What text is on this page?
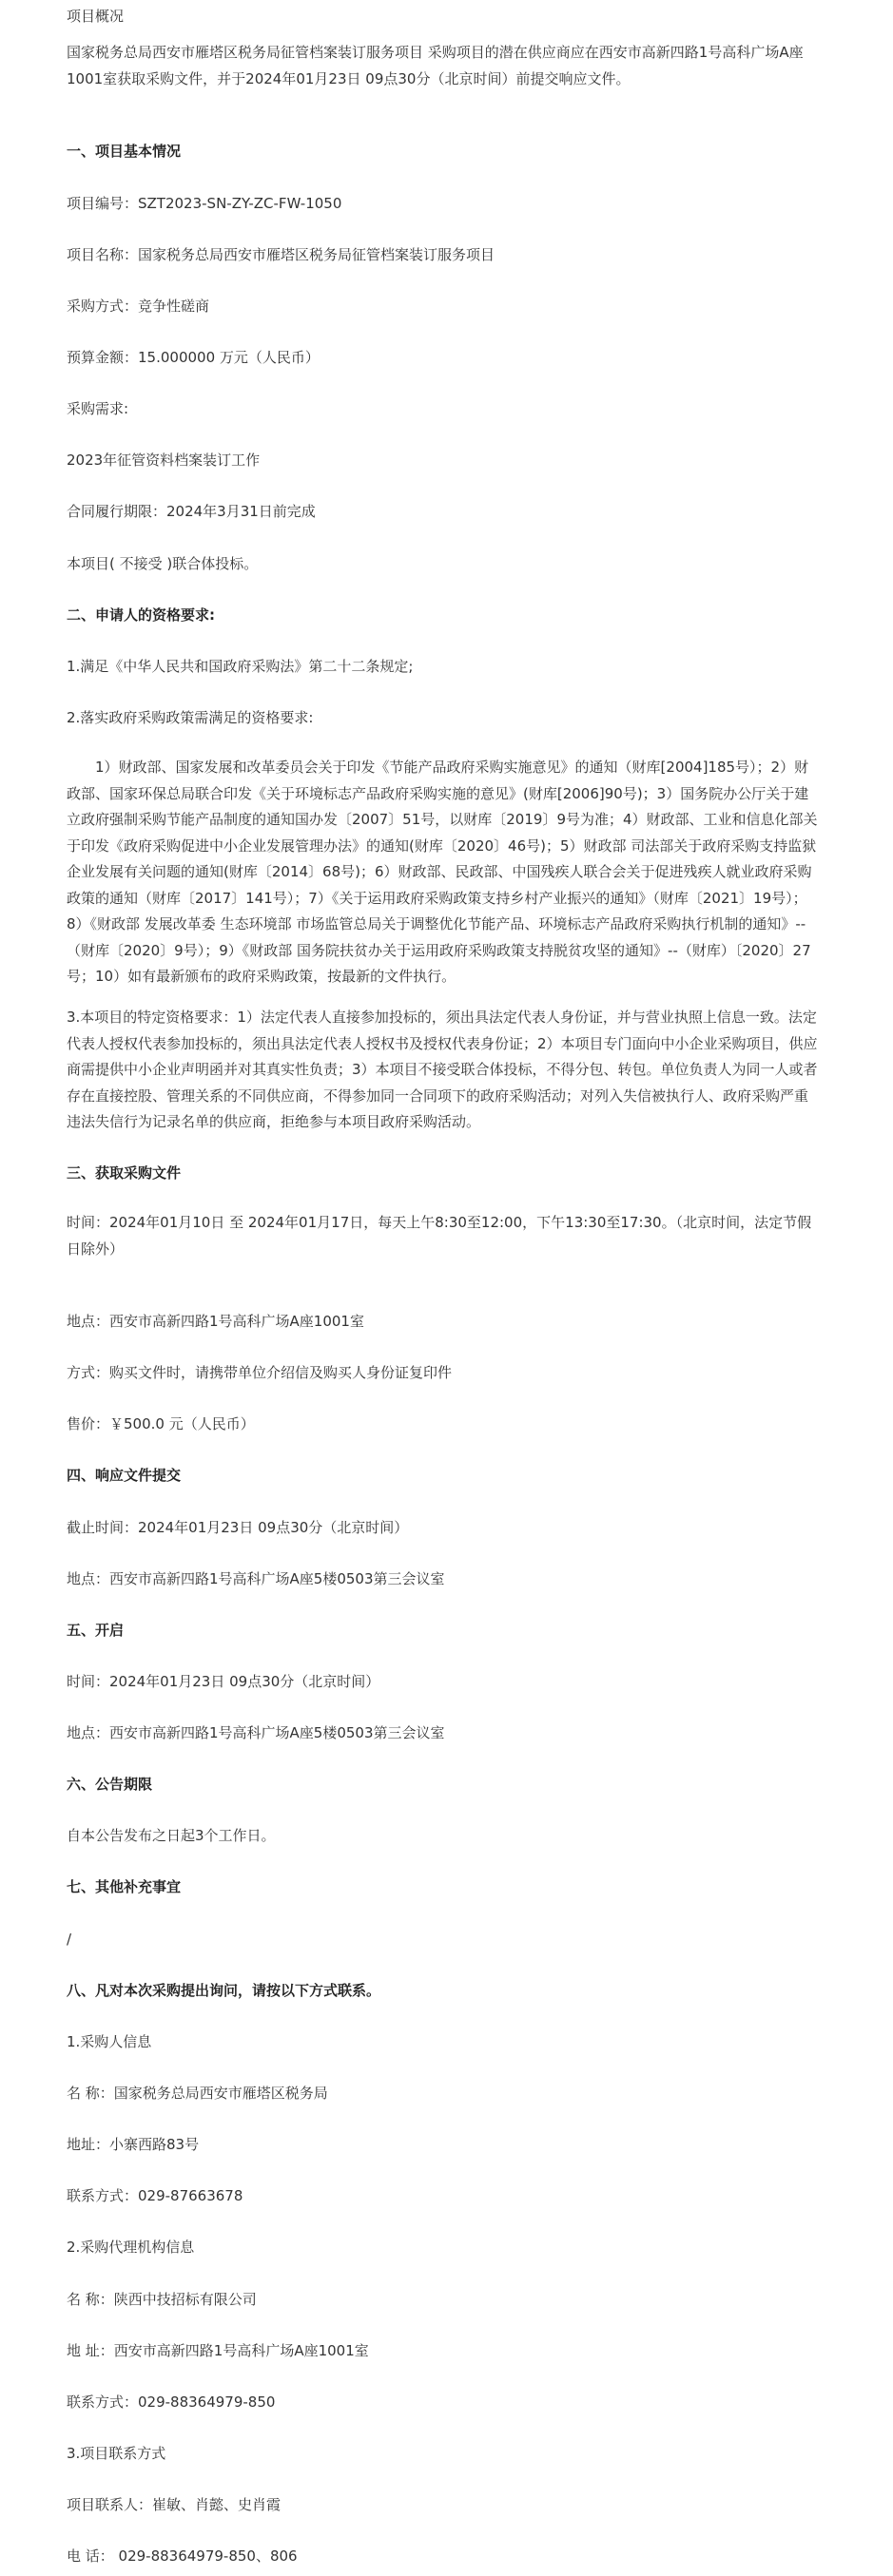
项目概况
国家税务总局西安市雁塔区税务局征管档案装订服务项目 采购项目的潜在供应商应在西安市高新四路1号高科广场A座1001室获取采购文件，并于2024年01月23日 09点30分（北京时间）前提交响应文件。
一、项目基本情况
项目编号：SZT2023-SN-ZY-ZC-FW-1050
项目名称：国家税务总局西安市雁塔区税务局征管档案装订服务项目
采购方式：竞争性磋商
预算金额：15.000000 万元（人民币）
采购需求:
2023年征管资料档案装订工作
合同履行期限：2024年3月31日前完成
本项目( 不接受 )联合体投标。
二、申请人的资格要求:
1.满足《中华人民共和国政府采购法》第二十二条规定;
2.落实政府采购政策需满足的资格要求:
1）财政部、国家发展和改革委员会关于印发《节能产品政府采购实施意见》的通知（财库[2004]185号）；2）财政部、国家环保总局联合印发《关于环境标志产品政府采购实施的意见》(财库[2006]90号)；3）国务院办公厅关于建立政府强制采购节能产品制度的通知国办发〔2007〕51号，以财库〔2019〕9号为准；4）财政部、工业和信息化部关于印发《政府采购促进中小企业发展管理办法》的通知(财库〔2020〕46号)；5）财政部 司法部关于政府采购支持监狱企业发展有关问题的通知(财库〔2014〕68号)；6）财政部、民政部、中国残疾人联合会关于促进残疾人就业政府采购政策的通知（财库〔2017〕141号）；7）《关于运用政府采购政策支持乡村产业振兴的通知》（财库〔2021〕19号）；8）《财政部 发展改革委 生态环境部 市场监管总局关于调整优化节能产品、环境标志产品政府采购执行机制的通知》--（财库〔2020〕9号）；9）《财政部 国务院扶贫办关于运用政府采购政策支持脱贫攻坚的通知》--（财库）〔2020〕27号；10）如有最新颁布的政府采购政策，按最新的文件执行。
3.本项目的特定资格要求：1）法定代表人直接参加投标的，须出具法定代表人身份证，并与营业执照上信息一致。法定代表人授权代表参加投标的，须出具法定代表人授权书及授权代表身份证；2）本项目专门面向中小企业采购项目，供应商需提供中小企业声明函并对其真实性负责；3）本项目不接受联合体投标，不得分包、转包。单位负责人为同一人或者存在直接控股、管理关系的不同供应商，不得参加同一合同项下的政府采购活动；对列入失信被执行人、政府采购严重违法失信行为记录名单的供应商，拒绝参与本项目政府采购活动。
三、获取采购文件
时间：2024年01月10日 至 2024年01月17日，每天上午8:30至12:00，下午13:30至17:30。（北京时间，法定节假日除外）
地点：西安市高新四路1号高科广场A座1001室
方式：购买文件时，请携带单位介绍信及购买人身份证复印件
售价：￥500.0 元（人民币）
四、响应文件提交
截止时间：2024年01月23日 09点30分（北京时间）
地点：西安市高新四路1号高科广场A座5楼0503第三会议室
五、开启
时间：2024年01月23日 09点30分（北京时间）
地点：西安市高新四路1号高科广场A座5楼0503第三会议室
六、公告期限
自本公告发布之日起3个工作日。
七、其他补充事宜
/
八、凡对本次采购提出询问，请按以下方式联系。
1.采购人信息
名 称：国家税务总局西安市雁塔区税务局
地址：小寨西路83号
联系方式：029-87663678
2.采购代理机构信息
名 称：陕西中技招标有限公司
地 址：西安市高新四路1号高科广场A座1001室
联系方式：029-88364979-850
3.项目联系方式
项目联系人：崔敏、肖懿、史肖霞
电 话： 029-88364979-850、806
